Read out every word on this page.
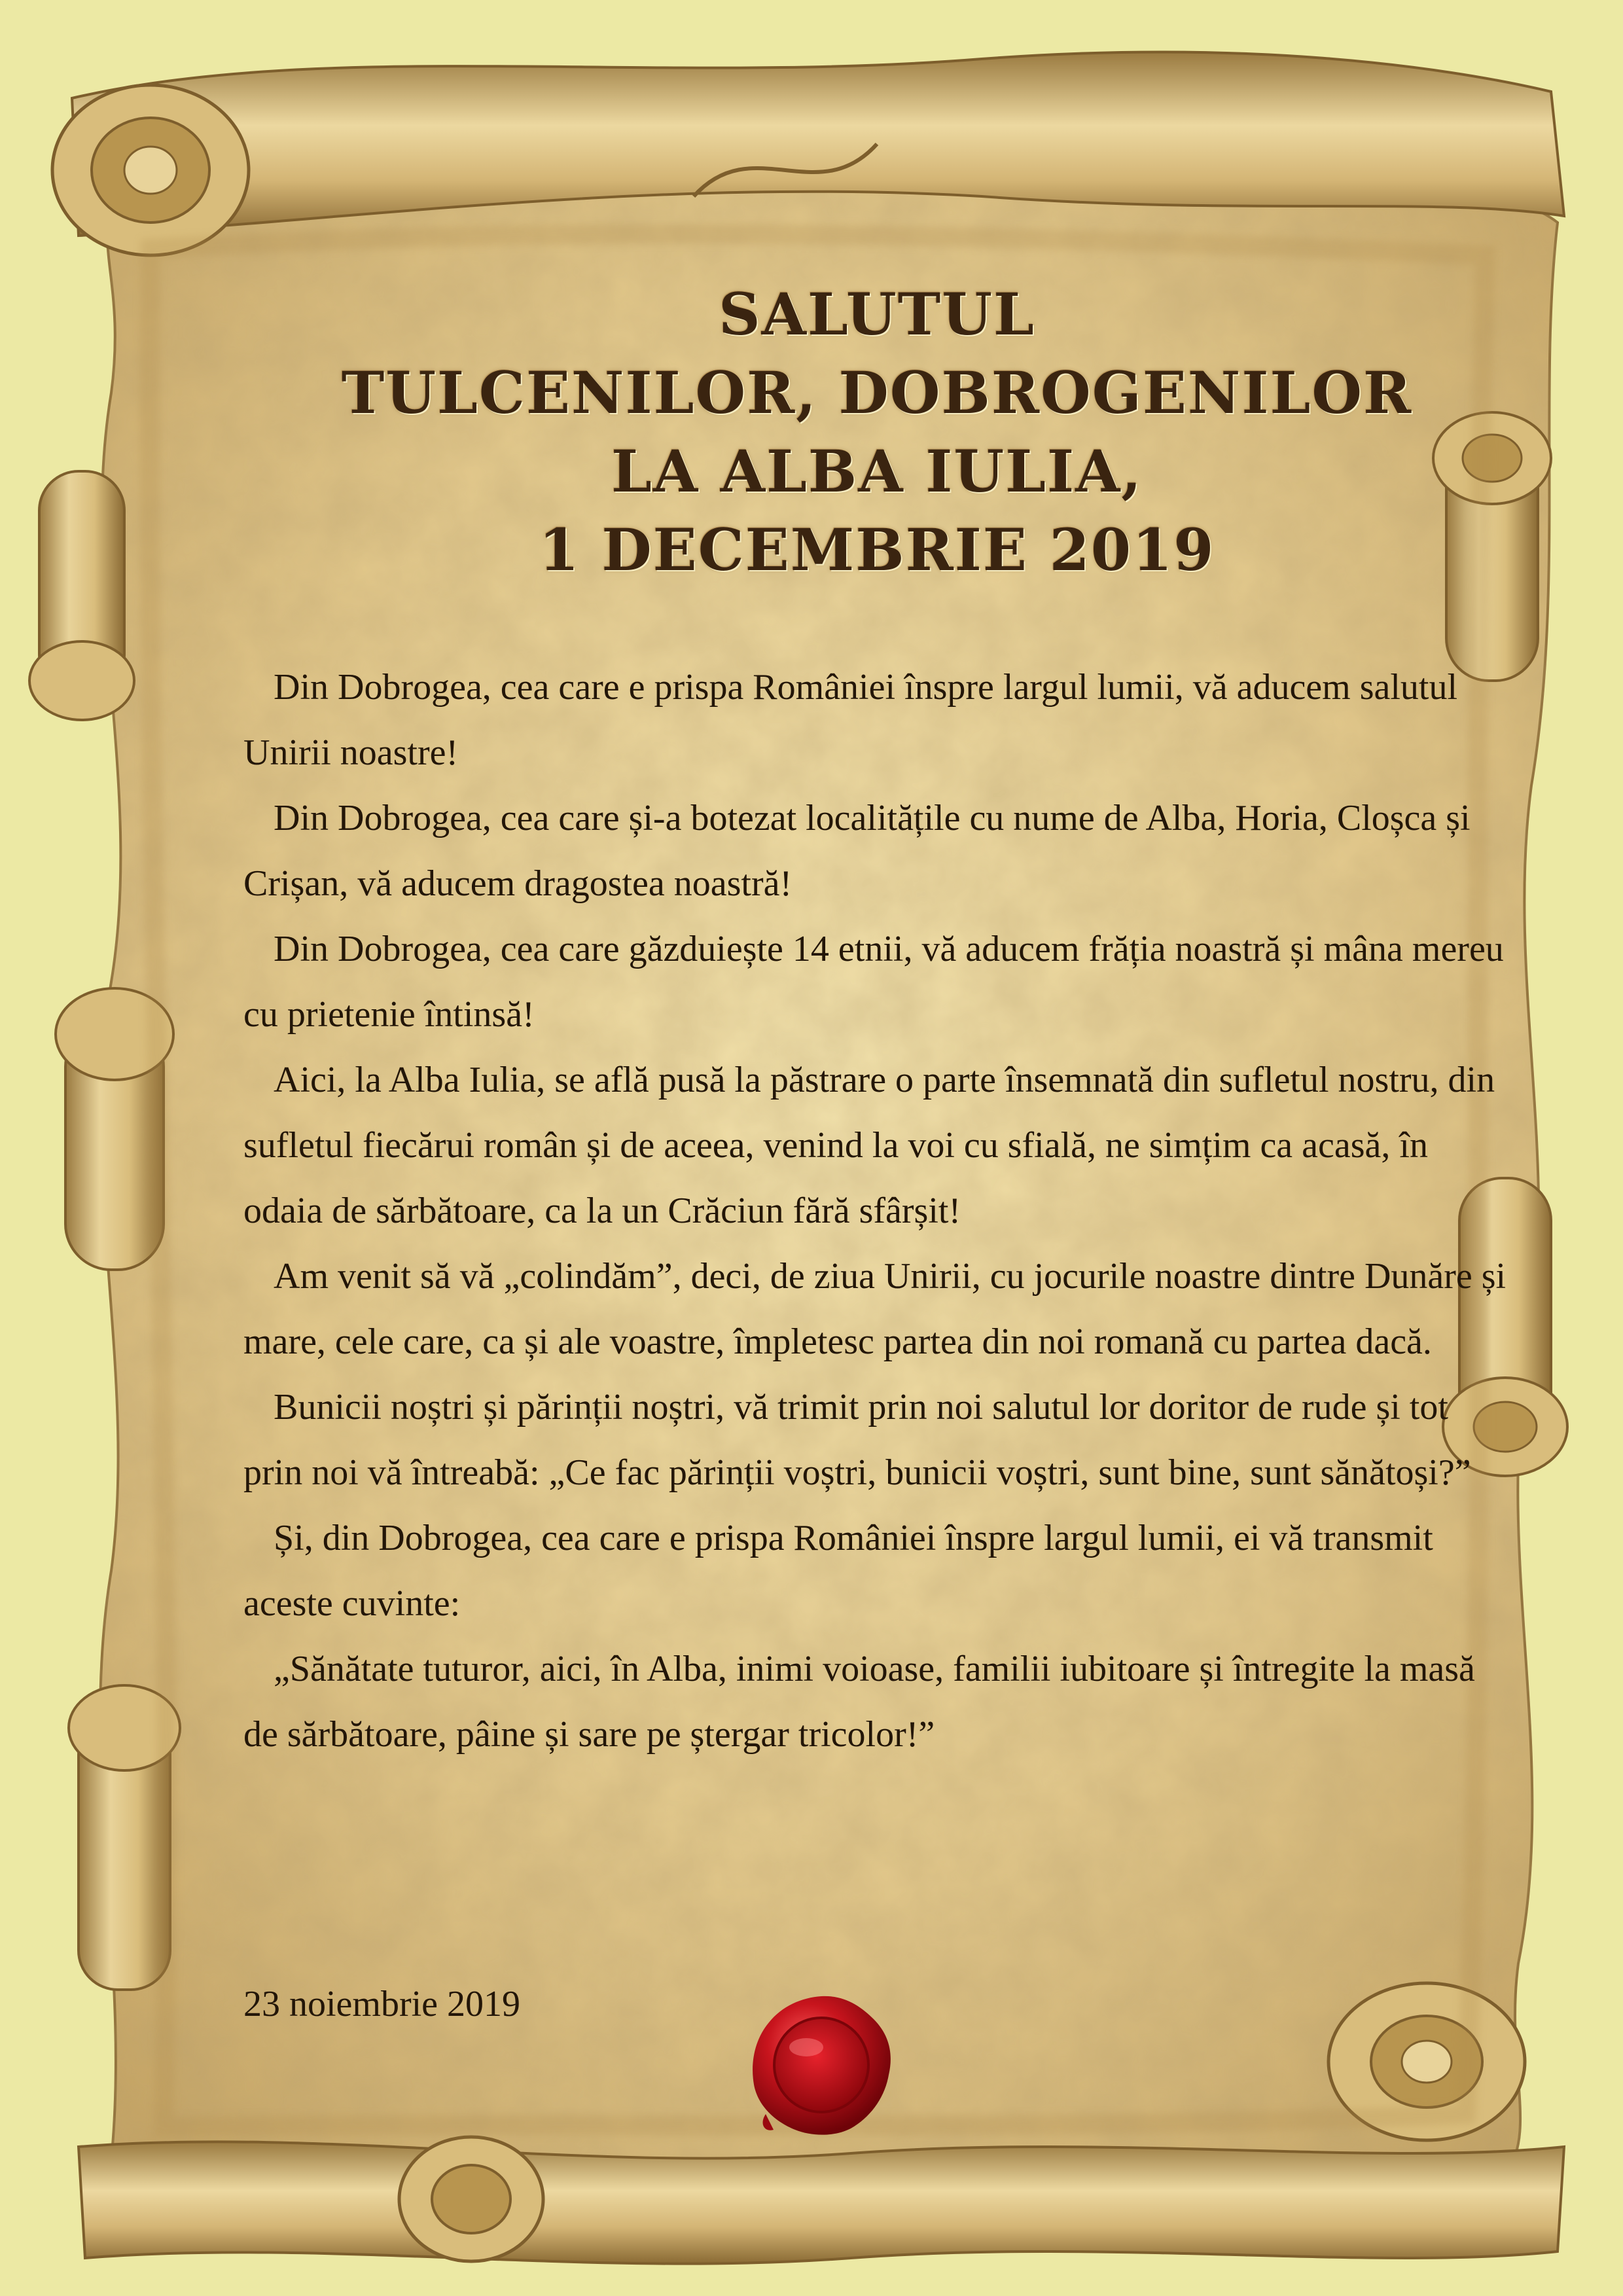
SALUTUL
TULCENILOR, DOBROGENILOR
LA ALBA IULIA,
1 DECEMBRIE 2019

Din Dobrogea, cea care e prispa României înspre largul lumii, vă aducem salutul Unirii noastre!

Din Dobrogea, cea care și-a botezat localitățile cu nume de Alba, Horia, Cloșca și Crișan, vă aducem dragostea noastră!

Din Dobrogea, cea care găzduiește 14 etnii, vă aducem frăția noastră și mâna mereu cu prietenie întinsă!

Aici, la Alba Iulia, se află pusă la păstrare o parte însemnată din sufletul nostru, din sufletul fiecărui român și de aceea, venind la voi cu sfială, ne simțim ca acasă, în odaia de sărbătoare, ca la un Crăciun fără sfârșit!

Am venit să vă „colindăm”, deci, de ziua Unirii, cu jocurile noastre dintre Dunăre și mare, cele care, ca și ale voastre, împletesc partea din noi romană cu partea dacă.

Bunicii noștri și părinții noștri, vă trimit prin noi salutul lor doritor de rude și tot prin noi vă întreabă: „Ce fac părinții voștri, bunicii voștri, sunt bine, sunt sănătoși?”

Și, din Dobrogea, cea care e prispa României înspre largul lumii, ei vă transmit aceste cuvinte:

„Sănătate tuturor, aici, în Alba, inimi voioase, familii iubitoare și întregite la masă de sărbătoare, pâine și sare pe ștergar tricolor!”

23 noiembrie 2019
